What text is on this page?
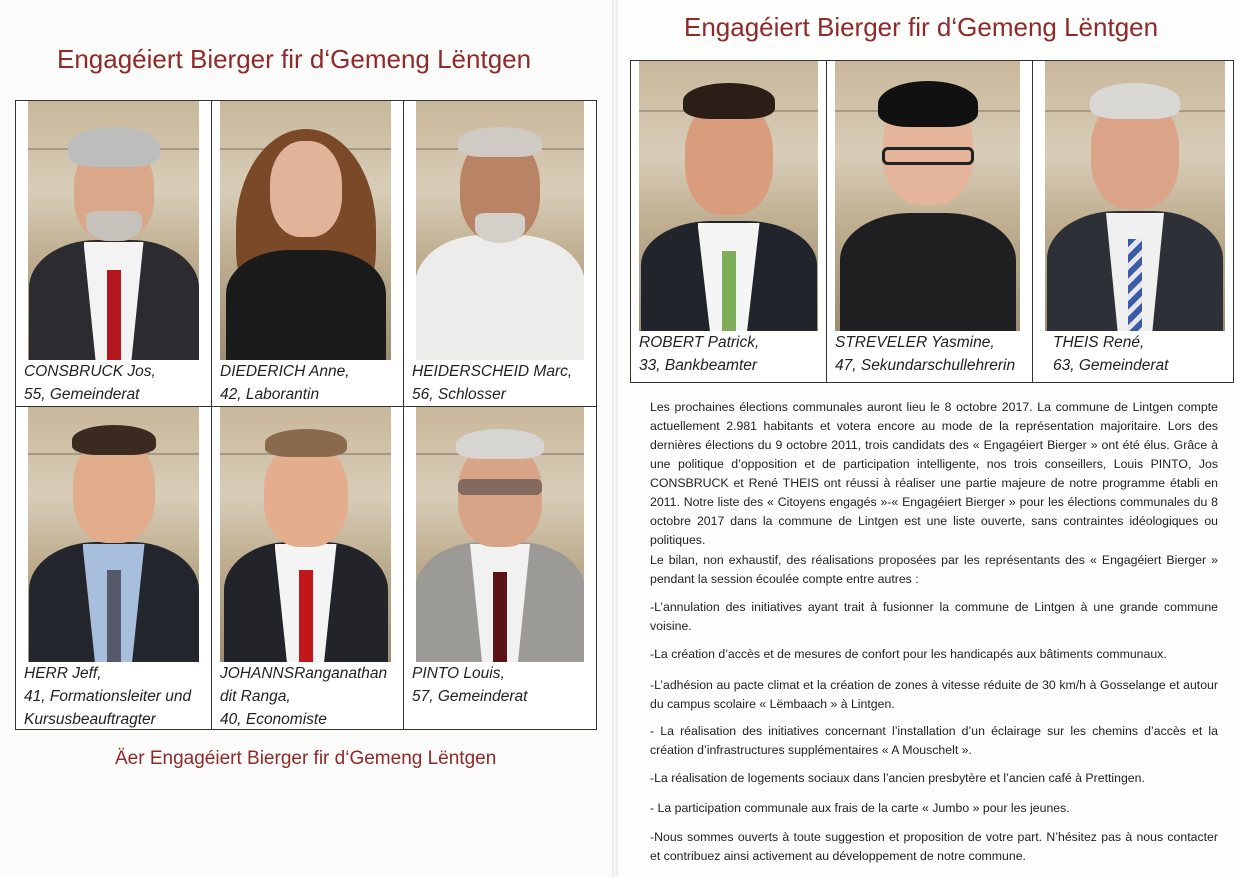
Engagéiert Bierger fir d‘Gemeng Lëntgen
CONSBRUCK Jos,
55, Gemeinderat
DIEDERICH Anne,
42, Laborantin
HEIDERSCHEID Marc,
56, Schlosser
HERR Jeff,
41, Formationsleiter und
Kursusbeauftragter
JOHANNSRanganathan
dit Ranga,
40, Economiste
PINTO Louis,
57, Gemeinderat
Äer Engagéiert Bierger fir d‘Gemeng Lëntgen
Engagéiert Bierger fir d‘Gemeng Lëntgen
ROBERT Patrick,
33, Bankbeamter
STREVELER Yasmine,
47, Sekundarschullehrerin
THEIS René,
63, Gemeinderat
Les prochaines élections communales auront lieu le 8 octobre 2017. La commune de Lintgen compte actuellement 2.981 habitants et votera encore au mode de la représentation majoritaire. Lors des dernières élections du 9 octobre 2011, trois candidats des « Engagéiert Bierger » ont été élus. Grâce à une politique d’opposition et de participation intelligente, nos trois conseillers, Louis PINTO, Jos CONSBRUCK et René THEIS ont réussi à réaliser une partie majeure de notre programme établi en 2011. Notre liste des « Citoyens engagés »-« Engagéiert Bierger » pour les élections communales du 8 octobre 2017 dans la commune de Lintgen est une liste ouverte, sans contraintes idéologiques ou politiques.
Le bilan, non exhaustif, des réalisations proposées par les représentants des « Engagéiert Bierger » pendant la session écoulée compte entre autres :
-L’annulation des initiatives ayant trait à fusionner la commune de Lintgen à une grande commune voisine.
-La création d’accès et de mesures de confort pour les handicapés aux bâtiments communaux.
-L’adhésion au pacte climat et la création de zones à vitesse réduite de 30 km/h à Gosselange et autour du campus scolaire « Lëmbaach » à Lintgen.
- La réalisation des initiatives concernant l’installation d’un éclairage sur les chemins d’accès et la création d’infrastructures supplémentaires « A Mouschelt ».
-La réalisation de logements sociaux dans l’ancien presbytère et l’ancien café à Prettingen.
- La participation communale aux frais de la carte « Jumbo » pour les jeunes.
-Nous sommes ouverts à toute suggestion et proposition de votre part. N’hésitez pas à nous contacter et contribuez ainsi activement au développement de notre commune.
